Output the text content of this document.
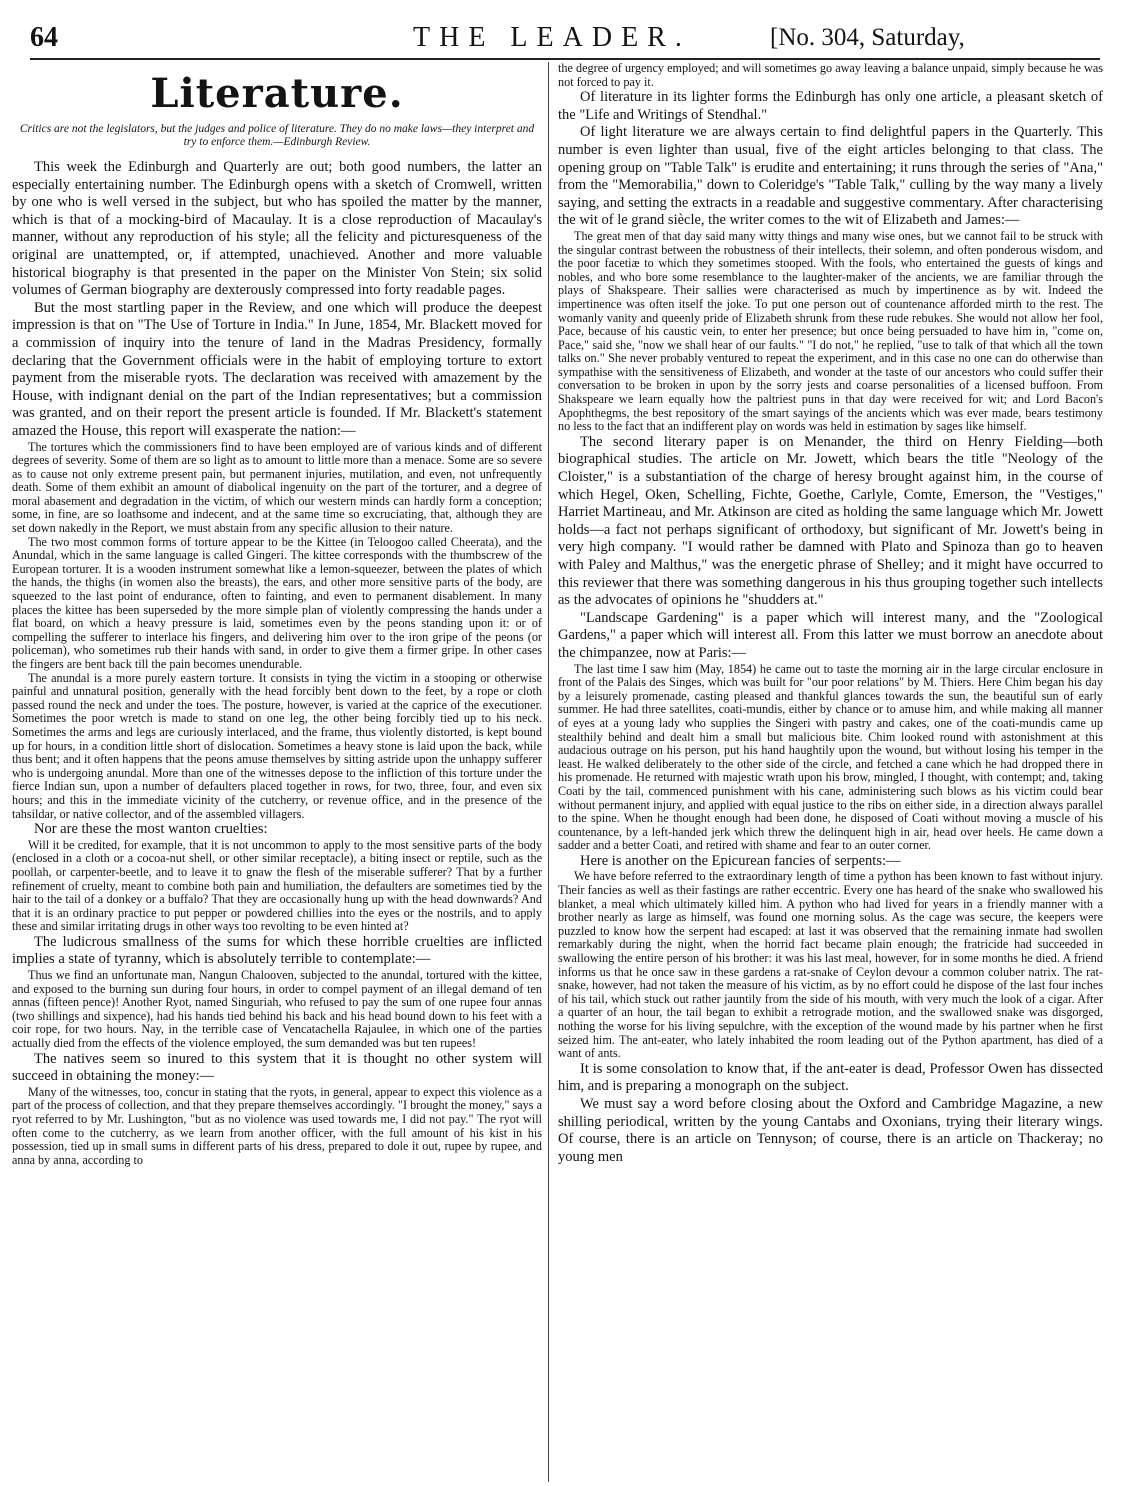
64	THE LEADER.	[No. 304, Saturday,
Literature.

Critics are not the legislators, but the judges and police of literature. They do no make laws—they interpret and try to enforce them.—Edinburgh Review.

This week the Edinburgh and Quarterly are out; both good numbers, the latter an especially entertaining number. The Edinburgh opens with a sketch of Cromwell, written by one who is well versed in the subject, but who has spoiled the matter by the manner, which is that of a mocking-bird of Macaulay. It is a close reproduction of Macaulay's manner, without any reproduction of his style; all the felicity and picturesqueness of the original are unattempted, or, if attempted, unachieved. Another and more valuable historical biography is that presented in the paper on the Minister Von Stein; six solid volumes of German biography are dexterously compressed into forty readable pages.

But the most startling paper in the Review, and one which will produce the deepest impression is that on "The Use of Torture in India." In June, 1854, Mr. Blackett moved for a commission of inquiry into the tenure of land in the Madras Presidency, formally declaring that the Government officials were in the habit of employing torture to extort payment from the miserable ryots. The declaration was received with amazement by the House, with indignant denial on the part of the Indian representatives; but a commission was granted, and on their report the present article is founded. If Mr. Blackett's statement amazed the House, this report will exasperate the nation:—

The tortures which the commissioners find to have been employed are of various kinds and of different degrees of severity. Some of them are so light as to amount to little more than a menace. Some are so severe as to cause not only extreme present pain, but permanent injuries, mutilation, and even, not unfrequently death. Some of them exhibit an amount of diabolical ingenuity on the part of the torturer, and a degree of moral abasement and degradation in the victim, of which our western minds can hardly form a conception; some, in fine, are so loathsome and indecent, and at the same time so excruciating, that, although they are set down nakedly in the Report, we must abstain from any specific allusion to their nature.

The two most common forms of torture appear to be the Kittee (in Teloogoo called Cheerata), and the Anundal, which in the same language is called Gingeri. The kittee corresponds with the thumbscrew of the European torturer. It is a wooden instrument somewhat like a lemon-squeezer, between the plates of which the hands, the thighs (in women also the breasts), the ears, and other more sensitive parts of the body, are squeezed to the last point of endurance, often to fainting, and even to permanent disablement. In many places the kittee has been superseded by the more simple plan of violently compressing the hands under a flat board, on which a heavy pressure is laid, sometimes even by the peons standing upon it: or of compelling the sufferer to interlace his fingers, and delivering him over to the iron gripe of the peons (or policeman), who sometimes rub their hands with sand, in order to give them a firmer gripe. In other cases the fingers are bent back till the pain becomes unendurable.

The anundal is a more purely eastern torture. It consists in tying the victim in a stooping or otherwise painful and unnatural position, generally with the head forcibly bent down to the feet, by a rope or cloth passed round the neck and under the toes. The posture, however, is varied at the caprice of the executioner. Sometimes the poor wretch is made to stand on one leg, the other being forcibly tied up to his neck. Sometimes the arms and legs are curiously interlaced, and the frame, thus violently distorted, is kept bound up for hours, in a condition little short of dislocation. Sometimes a heavy stone is laid upon the back, while thus bent; and it often happens that the peons amuse themselves by sitting astride upon the unhappy sufferer who is undergoing anundal. More than one of the witnesses depose to the infliction of this torture under the fierce Indian sun, upon a number of defaulters placed together in rows, for two, three, four, and even six hours; and this in the immediate vicinity of the cutcherry, or revenue office, and in the presence of the tahsildar, or native collector, and of the assembled villagers.

Nor are these the most wanton cruelties:

Will it be credited, for example, that it is not uncommon to apply to the most sensitive parts of the body (enclosed in a cloth or a cocoa-nut shell, or other similar receptacle), a biting insect or reptile, such as the poollah, or carpenter-beetle, and to leave it to gnaw the flesh of the miserable sufferer? That by a further refinement of cruelty, meant to combine both pain and humiliation, the defaulters are sometimes tied by the hair to the tail of a donkey or a buffalo? That they are occasionally hung up with the head downwards? And that it is an ordinary practice to put pepper or powdered chillies into the eyes or the nostrils, and to apply these and similar irritating drugs in other ways too revolting to be even hinted at?

The ludicrous smallness of the sums for which these horrible cruelties are inflicted implies a state of tyranny, which is absolutely terrible to contemplate:—

Thus we find an unfortunate man, Nangun Chalooven, subjected to the anundal, tortured with the kittee, and exposed to the burning sun during four hours, in order to compel payment of an illegal demand of ten annas (fifteen pence)! Another Ryot, named Singuriah, who refused to pay the sum of one rupee four annas (two shillings and sixpence), had his hands tied behind his back and his head bound down to his feet with a coir rope, for two hours. Nay, in the terrible case of Vencatachella Rajaulee, in which one of the parties actually died from the effects of the violence employed, the sum demanded was but ten rupees!

The natives seem so inured to this system that it is thought no other system will succeed in obtaining the money:—

Many of the witnesses, too, concur in stating that the ryots, in general, appear to expect this violence as a part of the process of collection, and that they prepare themselves accordingly. "I brought the money," says a ryot referred to by Mr. Lushington, "but as no violence was used towards me, I did not pay." The ryot will often come to the cutcherry, as we learn from another officer, with the full amount of his kist in his possession, tied up in small sums in different parts of his dress, prepared to dole it out, rupee by rupee, and anna by anna, according to

the degree of urgency employed; and will sometimes go away leaving a balance unpaid, simply because he was not forced to pay it.

Of literature in its lighter forms the Edinburgh has only one article, a pleasant sketch of the "Life and Writings of Stendhal."

Of light literature we are always certain to find delightful papers in the Quarterly. This number is even lighter than usual, five of the eight articles belonging to that class. The opening group on "Table Talk" is erudite and entertaining; it runs through the series of "Ana," from the "Memorabilia," down to Coleridge's "Table Talk," culling by the way many a lively saying, and setting the extracts in a readable and suggestive commentary. After characterising the wit of le grand siècle, the writer comes to the wit of Elizabeth and James:—

The great men of that day said many witty things and many wise ones, but we cannot fail to be struck with the singular contrast between the robustness of their intellects, their solemn, and often ponderous wisdom, and the poor facetiæ to which they sometimes stooped. With the fools, who entertained the guests of kings and nobles, and who bore some resemblance to the laughter-maker of the ancients, we are familiar through the plays of Shakspeare. Their sallies were characterised as much by impertinence as by wit. Indeed the impertinence was often itself the joke. To put one person out of countenance afforded mirth to the rest. The womanly vanity and queenly pride of Elizabeth shrunk from these rude rebukes. She would not allow her fool, Pace, because of his caustic vein, to enter her presence; but once being persuaded to have him in, "come on, Pace," said she, "now we shall hear of our faults." "I do not," he replied, "use to talk of that which all the town talks on." She never probably ventured to repeat the experiment, and in this case no one can do otherwise than sympathise with the sensitiveness of Elizabeth, and wonder at the taste of our ancestors who could suffer their conversation to be broken in upon by the sorry jests and coarse personalities of a licensed buffoon. From Shakspeare we learn equally how the paltriest puns in that day were received for wit; and Lord Bacon's Apophthegms, the best repository of the smart sayings of the ancients which was ever made, bears testimony no less to the fact that an indifferent play on words was held in estimation by sages like himself.

The second literary paper is on Menander, the third on Henry Fielding—both biographical studies. The article on Mr. Jowett, which bears the title "Neology of the Cloister," is a substantiation of the charge of heresy brought against him, in the course of which Hegel, Oken, Schelling, Fichte, Goethe, Carlyle, Comte, Emerson, the "Vestiges," Harriet Martineau, and Mr. Atkinson are cited as holding the same language which Mr. Jowett holds—a fact not perhaps significant of orthodoxy, but significant of Mr. Jowett's being in very high company. "I would rather be damned with Plato and Spinoza than go to heaven with Paley and Malthus," was the energetic phrase of Shelley; and it might have occurred to this reviewer that there was something dangerous in his thus grouping together such intellects as the advocates of opinions he "shudders at."

"Landscape Gardening" is a paper which will interest many, and the "Zoological Gardens," a paper which will interest all. From this latter we must borrow an anecdote about the chimpanzee, now at Paris:—

The last time I saw him (May, 1854) he came out to taste the morning air in the large circular enclosure in front of the Palais des Singes, which was built for "our poor relations" by M. Thiers. Here Chim began his day by a leisurely promenade, casting pleased and thankful glances towards the sun, the beautiful sun of early summer. He had three satellites, coati-mundis, either by chance or to amuse him, and while making all manner of eyes at a young lady who supplies the Singeri with pastry and cakes, one of the coati-mundis came up stealthily behind and dealt him a small but malicious bite. Chim looked round with astonishment at this audacious outrage on his person, put his hand haughtily upon the wound, but without losing his temper in the least. He walked deliberately to the other side of the circle, and fetched a cane which he had dropped there in his promenade. He returned with majestic wrath upon his brow, mingled, I thought, with contempt; and, taking Coati by the tail, commenced punishment with his cane, administering such blows as his victim could bear without permanent injury, and applied with equal justice to the ribs on either side, in a direction always parallel to the spine. When he thought enough had been done, he disposed of Coati without moving a muscle of his countenance, by a left-handed jerk which threw the delinquent high in air, head over heels. He came down a sadder and a better Coati, and retired with shame and fear to an outer corner.

Here is another on the Epicurean fancies of serpents:—

We have before referred to the extraordinary length of time a python has been known to fast without injury. Their fancies as well as their fastings are rather eccentric. Every one has heard of the snake who swallowed his blanket, a meal which ultimately killed him. A python who had lived for years in a friendly manner with a brother nearly as large as himself, was found one morning solus. As the cage was secure, the keepers were puzzled to know how the serpent had escaped: at last it was observed that the remaining inmate had swollen remarkably during the night, when the horrid fact became plain enough; the fratricide had succeeded in swallowing the entire person of his brother: it was his last meal, however, for in some months he died. A friend informs us that he once saw in these gardens a rat-snake of Ceylon devour a common coluber natrix. The rat-snake, however, had not taken the measure of his victim, as by no effort could he dispose of the last four inches of his tail, which stuck out rather jauntily from the side of his mouth, with very much the look of a cigar. After a quarter of an hour, the tail began to exhibit a retrograde motion, and the swallowed snake was disgorged, nothing the worse for his living sepulchre, with the exception of the wound made by his partner when he first seized him. The ant-eater, who lately inhabited the room leading out of the Python apartment, has died of a want of ants.

It is some consolation to know that, if the ant-eater is dead, Professor Owen has dissected him, and is preparing a monograph on the subject.

We must say a word before closing about the Oxford and Cambridge Magazine, a new shilling periodical, written by the young Cantabs and Oxonians, trying their literary wings. Of course, there is an article on Tennyson; of course, there is an article on Thackeray; no young men
